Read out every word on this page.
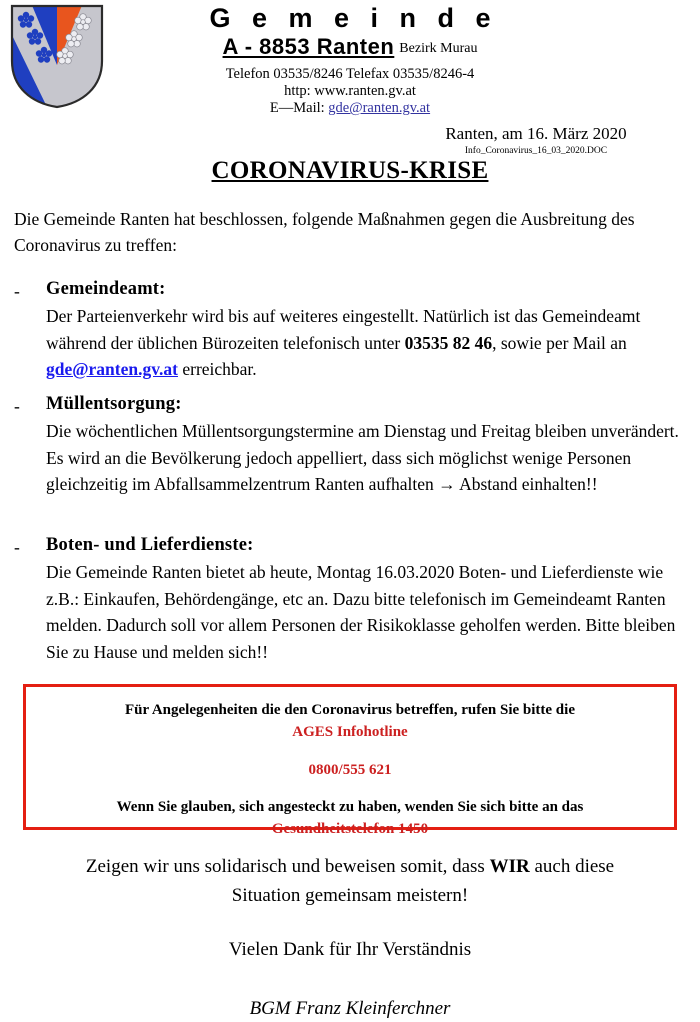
G e m e i n d e
A - 8853 Ranten Bezirk Murau
Telefon 03535/8246 Telefax 03535/8246-4
http: www.ranten.gv.at
E—Mail: gde@ranten.gv.at
Ranten, am 16. März 2020
Info_Coronavirus_16_03_2020.DOC
CORONAVIRUS-KRISE
Die Gemeinde Ranten hat beschlossen, folgende Maßnahmen gegen die Ausbreitung des Coronavirus zu treffen:
-	Gemeindeamt:
Der Parteienverkehr wird bis auf weiteres eingestellt. Natürlich ist das Gemeindeamt während der üblichen Bürozeiten telefonisch unter 03535 82 46, sowie per Mail an gde@ranten.gv.at erreichbar.
-	Müllentsorgung:
Die wöchentlichen Müllentsorgungstermine am Dienstag und Freitag bleiben unverändert. Es wird an die Bevölkerung jedoch appelliert, dass sich möglichst wenige Personen gleichzeitig im Abfallsammelzentrum Ranten aufhalten → Abstand einhalten!!
-	Boten- und Lieferdienste:
Die Gemeinde Ranten bietet ab heute, Montag 16.03.2020 Boten- und Lieferdienste wie z.B.: Einkaufen, Behördengänge, etc an. Dazu bitte telefonisch im Gemeindeamt Ranten melden. Dadurch soll vor allem Personen der Risikoklasse geholfen werden. Bitte bleiben Sie zu Hause und melden sich!!
Für Angelegenheiten die den Coronavirus betreffen, rufen Sie bitte die
AGES Infohotline
0800/555 621
Wenn Sie glauben, sich angesteckt zu haben, wenden Sie sich bitte an das
Gesundheitstelefon 1450
Zeigen wir uns solidarisch und beweisen somit, dass WIR auch diese
Situation gemeinsam meistern!
Vielen Dank für Ihr Verständnis
BGM Franz Kleinferchner
